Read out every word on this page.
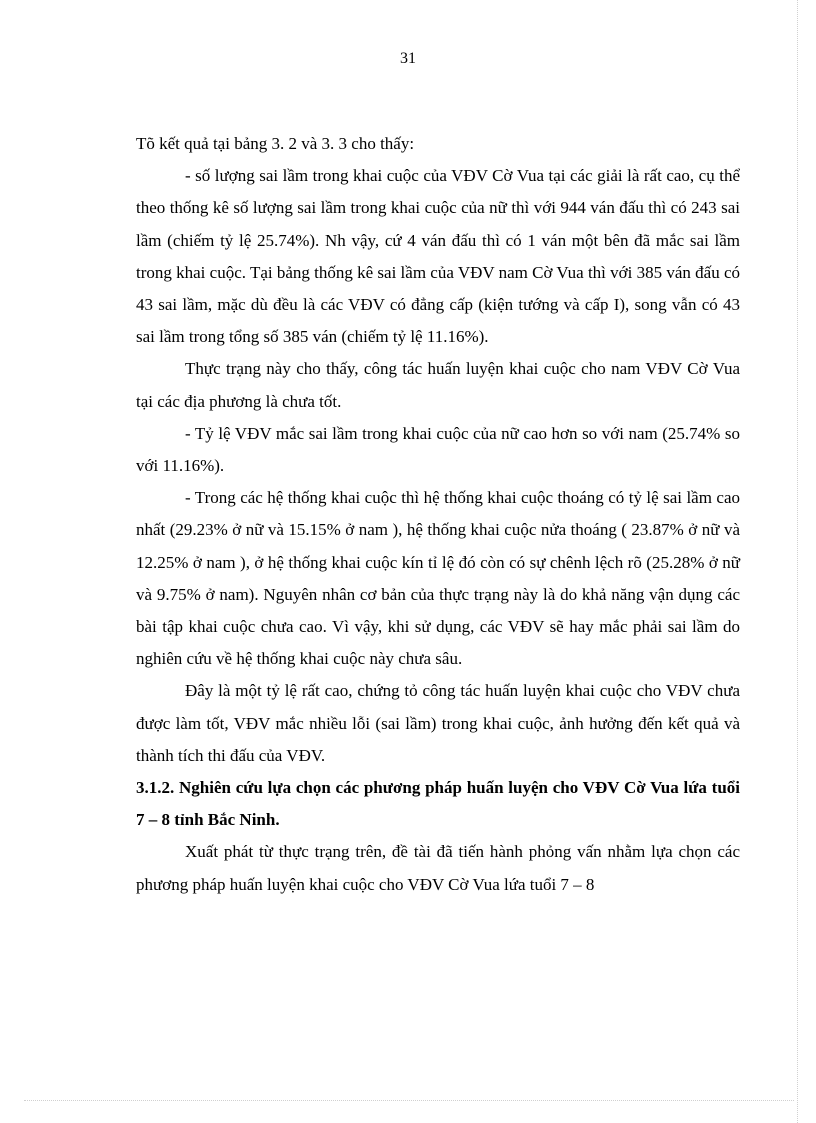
31

Tõ kết quả tại bảng 3. 2 và 3. 3 cho thấy:

- số lượng sai lầm trong khai cuộc của VĐV Cờ Vua tại các giải là rất cao, cụ thể theo thống kê số lượng sai lầm trong khai cuộc của nữ thì với 944 ván đấu thì có 243 sai lầm (chiếm tỷ lệ 25.74%). Nh vậy, cứ 4 ván đấu thì có 1 ván một bên đã mắc sai lầm trong khai cuộc. Tại bảng thống kê sai lầm của VĐV nam Cờ Vua thì với 385 ván đấu có 43 sai lầm, mặc dù đều là các VĐV có đẳng cấp (kiện tướng và cấp I), song vẫn có 43 sai lầm trong tổng số 385 ván (chiếm tỷ lệ 11.16%).

Thực trạng này cho thấy, công tác huấn luyện khai cuộc cho nam VĐV Cờ Vua tại các địa phương là chưa tốt.

- Tỷ lệ VĐV mắc sai lầm trong khai cuộc của nữ cao hơn so với nam (25.74% so với 11.16%).

- Trong các hệ thống khai cuộc thì hệ thống khai cuộc thoáng có tỷ lệ sai lầm cao nhất (29.23% ở nữ và 15.15% ở nam ), hệ thống khai cuộc nửa thoáng ( 23.87% ở nữ và 12.25% ở nam ), ở hệ thống khai cuộc kín tỉ lệ đó còn có sự chênh lệch rõ (25.28% ở nữ và 9.75% ở nam). Nguyên nhân cơ bản của thực trạng này là do khả năng vận dụng các bài tập khai cuộc chưa cao. Vì vậy, khi sử dụng, các VĐV sẽ hay mắc phải sai lầm do nghiên cứu về hệ thống khai cuộc này chưa sâu.

Đây là một tỷ lệ rất cao, chứng tỏ công tác huấn luyện khai cuộc cho VĐV chưa được làm tốt, VĐV mắc nhiều lỗi (sai lầm) trong khai cuộc, ảnh hưởng đến kết quả và thành tích thi đấu của VĐV.

3.1.2. Nghiên cứu lựa chọn các phương pháp huấn luyện cho VĐV Cờ Vua lứa tuổi 7 – 8 tỉnh Bắc Ninh.

Xuất phát từ thực trạng trên, đề tài đã tiến hành phỏng vấn nhằm lựa chọn các phương pháp huấn luyện khai cuộc cho VĐV Cờ Vua lứa tuổi 7 – 8
